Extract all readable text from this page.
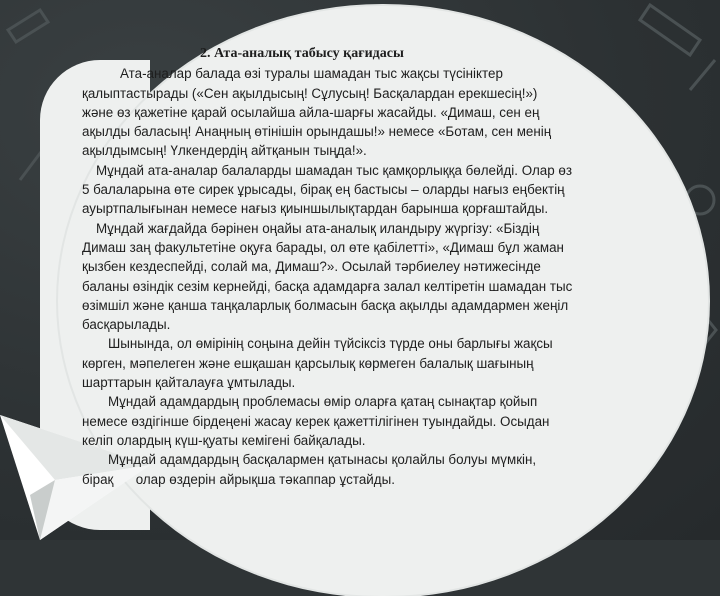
2. Ата-аналық табысу қағидасы

Ата-аналар балада өзі туралы шамадан тыс жақсы түсініктер
қалыптастырады («Сен ақылдысың! Сұлусың! Басқалардан ерекшесің!»)
және өз қажетіне қарай осылайша айла-шарғы жасайды. «Димаш, сен ең
ақылды баласың! Анаңның өтінішін орындашы!» немесе «Ботам, сен менің
ақылдымсың! Үлкендердің айтқанын тыңда!».

Мұндай ата-аналар балаларды шамадан тыс қамқорлыққа бөлейді. Олар өз
5 балаларына өте сирек ұрысады, бірақ ең бастысы – оларды нағыз еңбектің
ауыртпалығынан немесе нағыз қиыншылықтардан барынша қорғаштайды.

Мұндай жағдайда бәрінен оңайы ата-аналық иландыру жүргізу: «Біздің
Димаш заң факультетіне оқуға барады, ол өте қабілетті», «Димаш бұл жаман
қызбен кездеспейді, солай ма, Димаш?». Осылай тәрбиелеу нәтижесінде
баланы өзіндік сезім кернейді, басқа адамдарға залал келтіретін шамадан тыс
өзімшіл және қанша таңқаларлық болмасын басқа ақылды адамдармен жеңіл
басқарылады.

Шынында, ол өмірінің соңына дейін түйсіксіз түрде оны барлығы жақсы
көрген, мәпелеген және ешқашан қарсылық көрмеген балалық шағының
шарттарын қайталауға ұмтылады.

Мұндай адамдардың проблемасы өмір оларға қатаң сынақтар қойып
немесе өздігінше бірдеңені жасау керек қажеттілігінен туындайды. Осыдан
келіп олардың күш-қуаты кемігені байқалады.

Мұндай адамдардың басқалармен қатынасы қолайлы болуы мүмкін,
бірақ      олар өздерін айрықша тәкаппар ұстайды.
